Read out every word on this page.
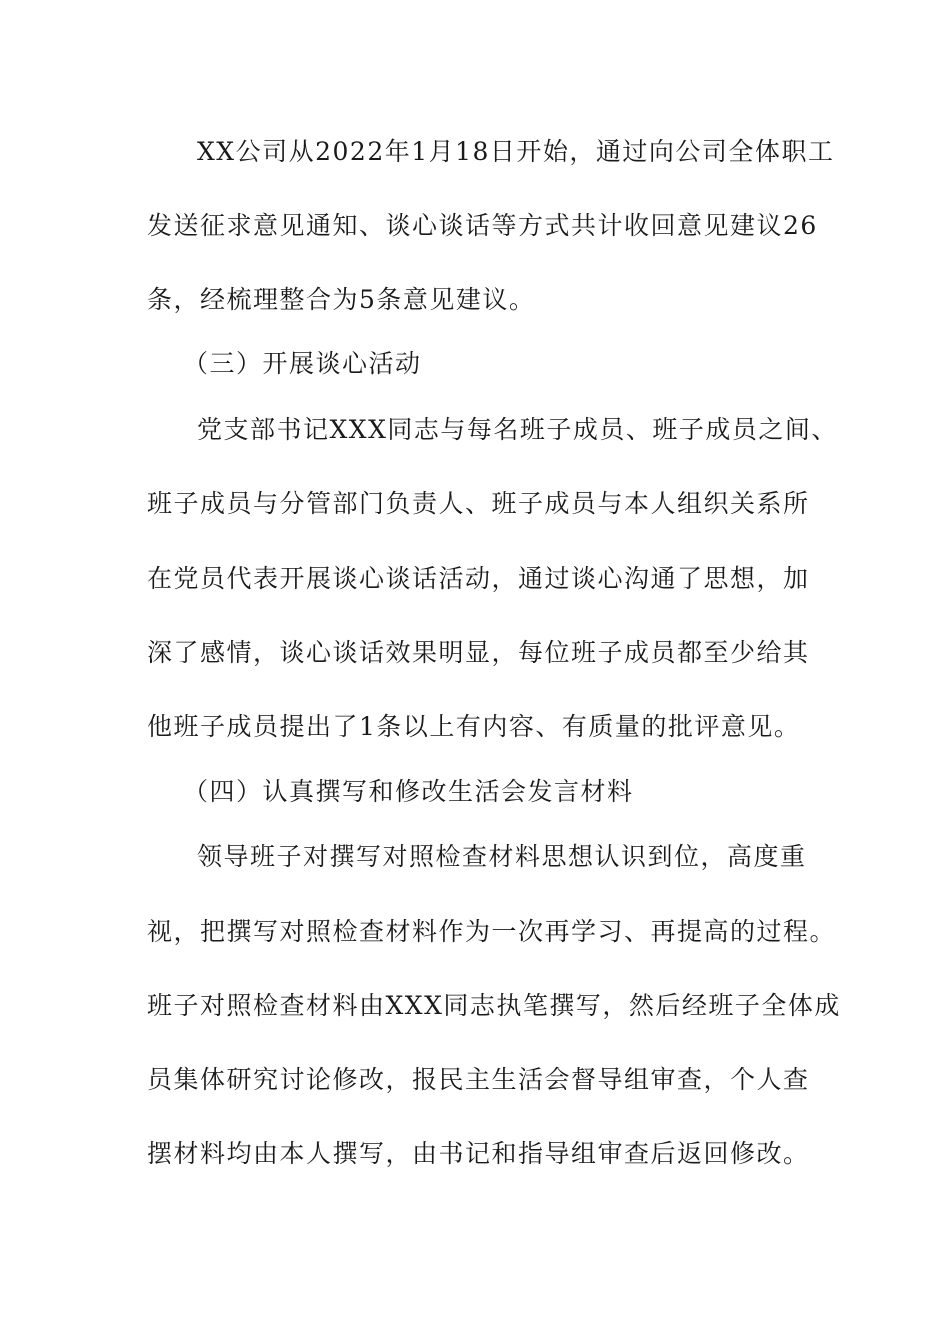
XX公司从2022年1月18日开始，通过向公司全体职工
发送征求意见通知、谈心谈话等方式共计收回意见建议26
条，经梳理整合为5条意见建议。
（三）开展谈心活动
党支部书记XXX同志与每名班子成员、班子成员之间、
班子成员与分管部门负责人、班子成员与本人组织关系所
在党员代表开展谈心谈话活动，通过谈心沟通了思想，加
深了感情，谈心谈话效果明显，每位班子成员都至少给其
他班子成员提出了1条以上有内容、有质量的批评意见。
（四）认真撰写和修改生活会发言材料
领导班子对撰写对照检查材料思想认识到位，高度重
视，把撰写对照检查材料作为一次再学习、再提高的过程。
班子对照检查材料由XXX同志执笔撰写，然后经班子全体成
员集体研究讨论修改，报民主生活会督导组审查，个人查
摆材料均由本人撰写，由书记和指导组审查后返回修改。
